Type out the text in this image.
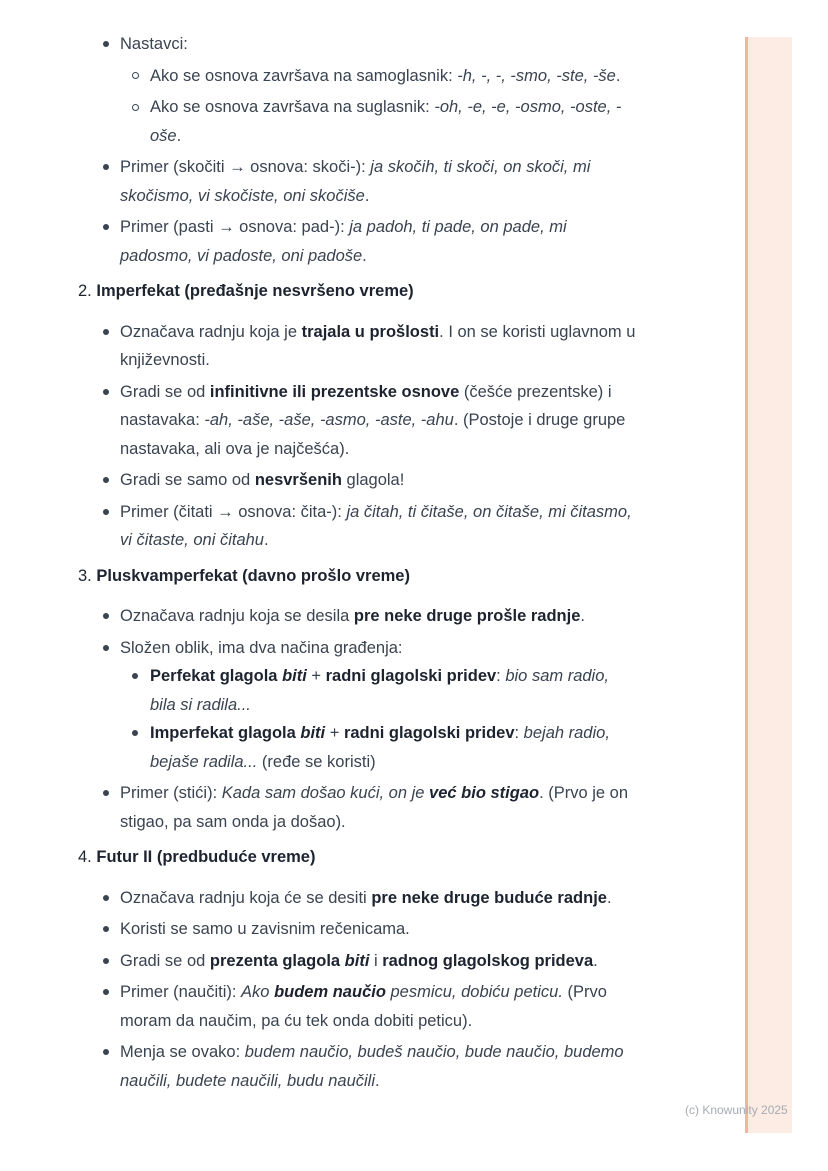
Nastavci:
Ako se osnova završava na samoglasnik: -h, -, -, -smo, -ste, -še.
Ako se osnova završava na suglasnik: -oh, -e, -e, -osmo, -oste, -oše.
Primer (skočiti → osnova: skoči-): ja skočih, ti skoči, on skoči, mi skočismo, vi skočiste, oni skočiše.
Primer (pasti → osnova: pad-): ja padoh, ti pade, on pade, mi padosmo, vi padoste, oni padoše.
2. Imperfekat (pređašnje nesvršeno vreme)
Označava radnju koja je trajala u prošlosti. I on se koristi uglavnom u književnosti.
Gradi se od infinitivne ili prezentske osnove (češće prezentske) i nastavaka: -ah, -aše, -aše, -asmo, -aste, -ahu. (Postoje i druge grupe nastavaka, ali ova je najčešća).
Gradi se samo od nesvršenih glagola!
Primer (čitati → osnova: čita-): ja čitah, ti čitaše, on čitaše, mi čitasmo, vi čitaste, oni čitahu.
3. Pluskvamperfekat (davno prošlo vreme)
Označava radnju koja se desila pre neke druge prošle radnje.
Složen oblik, ima dva načina građenja:
Perfekat glagola biti + radni glagolski pridev: bio sam radio, bila si radila...
Imperfekat glagola biti + radni glagolski pridev: bejah radio, bejaše radila... (ređe se koristi)
Primer (stići): Kada sam došao kući, on je već bio stigao. (Prvo je on stigao, pa sam onda ja došao).
4. Futur II (predbuduće vreme)
Označava radnju koja će se desiti pre neke druge buduće radnje.
Koristi se samo u zavisnim rečenicama.
Gradi se od prezenta glagola biti i radnog glagolskog prideva.
Primer (naučiti): Ako budem naučio pesmicu, dobiću peticu. (Prvo moram da naučim, pa ću tek onda dobiti peticu).
Menja se ovako: budem naučio, budeš naučio, bude naučio, budemo naučili, budete naučili, budu naučili.
(c) Knowunity 2025
